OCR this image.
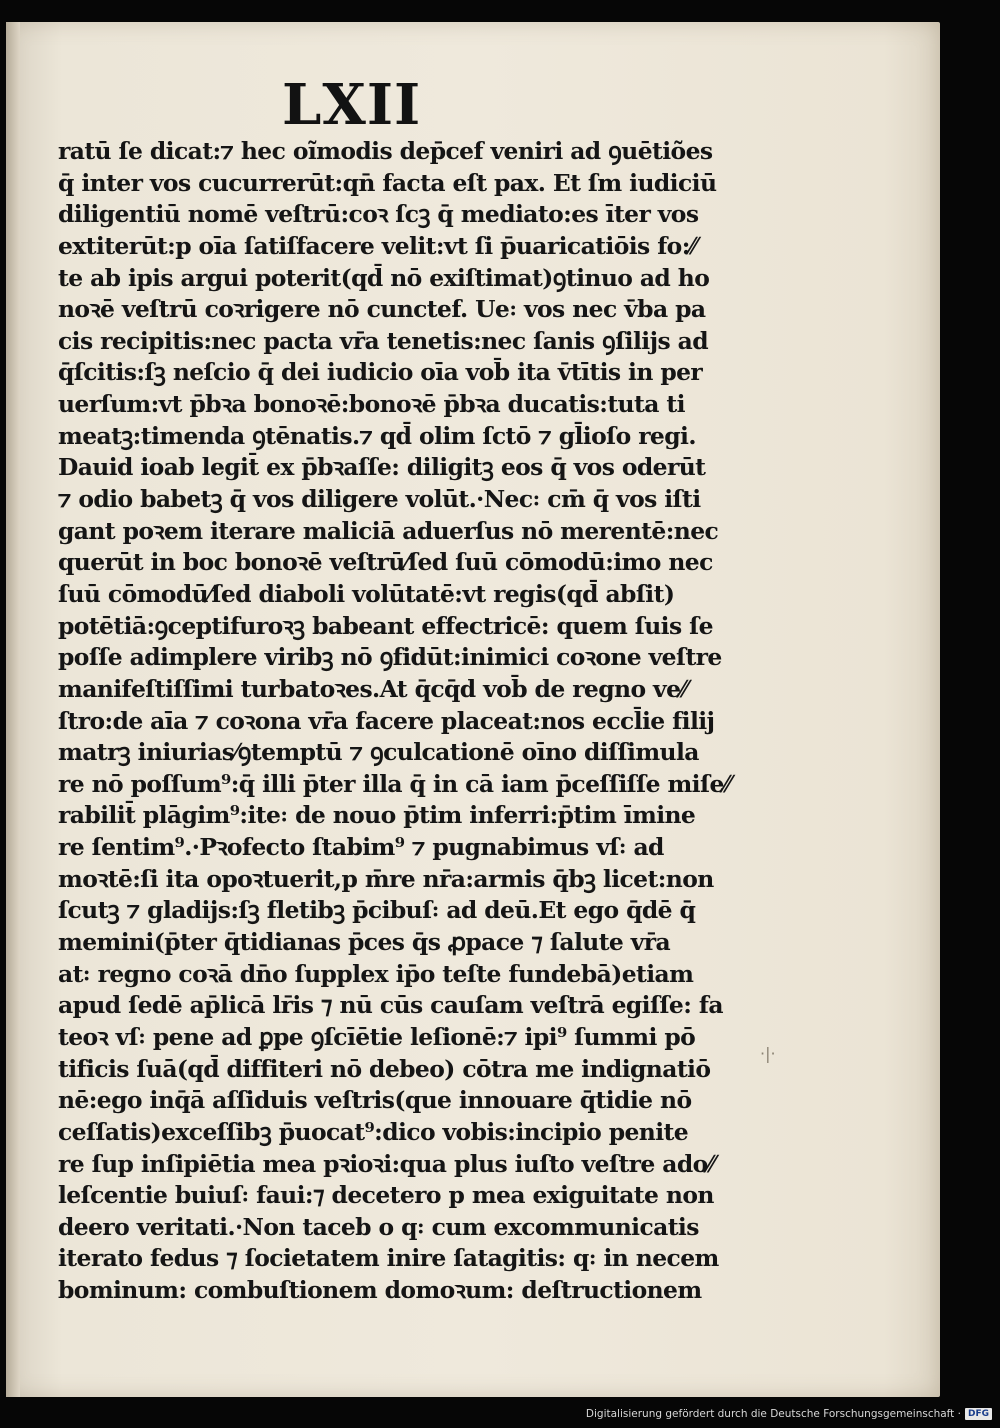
LXII
ratū ſe dicat:⁊ hec oĩmodis dep̄cef veniri ad ꝯuētiões
q̄ inter vos cucurrerūt:qn̄ facta eſt pax. Et ſm iudiciū
diligentiū nomē veſtrū:coꝛ ſcꝫ q̄ mediato:es īter vos
extiterūt:p oīa ſatiſfacere velit:vt ſi p̄uaricatiōis fo:⁄⁄
te ab ipis argui poterit(qd̄ nō exiſtimat)ꝯtinuo ad ho
noꝛē veſtrū coꝛrigere nō cunctef. Ue꞉ vos nec v̄ba pa
cis recipitis:nec pacta vr̄a tenetis:nec ſanis ꝯſilijs ad
q̄ſcitis:ſꝫ neſcio q̄ dei iudicio oīa vob̄ ita v̄tītis in per
uerſum:vt p̄bꝛa bonoꝛē:bonoꝛē p̄bꝛa ducatis:tuta ti
meatꝫ:timenda ꝯtēnatis.⁊ qd̄ olim ſctō ⁊ gl̄ioſo regi.
Dauid ioab legit̄ ex p̄bꝛaſſe: diligitꝫ eos q̄ vos oderūt
⁊ odio babetꝫ q̄ vos diligere volūt.·Nec꞉ cm̄ q̄ vos iſti
gant poꝛem iterare maliciā aduerſus nō merentē:nec
querūt in boc bonoꝛē veſtrū⁄ſed ſuū cōmodū:imo nec
ſuū cōmodū⁄ſed diaboli volūtatē:vt regis(qd̄ abſit)
potētiā:ꝯceptifuroꝛꝫ babeant effectricē: quem ſuis ſe
poſſe adimplere viribꝫ nō ꝯfidūt:inimici coꝛone veſtre
manifeſtiſſimi turbatoꝛes.At q̄cq̄d vob̄ de regno ve⁄⁄
ſtro:de aīa ⁊ coꝛona vr̄a facere placeat:nos eccl̄ie filij
matrꝫ iniurias⁄ꝯtemptū ⁊ ꝯculcationē oīno diſſimula
re nō poſſum⁹:q̄ illi p̄ter illa q̄ in cā iam p̄ceſſiſſe miſe⁄⁄
rabilit̄ plāgim⁹:ite꞉ de nouo p̄tim inferri:p̄tim īmine
re ſentim⁹.·Pꝛofecto ſtabim⁹ ⁊ pugnabimus vſ꞉ ad
moꝛtē:ſi ita opoꝛtuerit,p m̄re nr̄a:armis q̄bꝫ licet:non
ſcutꝫ ⁊ gladijs:ſꝫ fletibꝫ p̄cibuſ꞉ ad deū.Et ego q̄dē q̄
memini(p̄ter q̄tidianas p̄ces q̄s ꝓpace ⁊ ſalute vr̄a
at꞉ regno coꝛā dn̄o ſupplex ip̄o teſte fundebā)etiam
apud ſedē ap̄licā lr̄is ⁊ nū cūs cauſam veſtrā egiſſe: fa
teoꝛ vſ꞉ pene ad ꝑpe ꝯſcīētie leſionē:⁊ ipi⁹ ſummi pō
tificis ſuā(qd̄ diffiteri nō debeo) cōtra me indignatiō
nē:ego inq̄ā aſſiduis veſtris(que innouare q̄tidie nō
ceſſatis)exceſſibꝫ p̄uocat⁹:dico vobis:incipio penite
re ſup inſipiētia mea pꝛioꝛi:qua plus iuſto veſtre ado⁄⁄
leſcentie buiuſ꞉ faui:⁊ decetero p mea exiguitate non
deero veritati.·Non taceb o q꞉ cum excommunicatis
iterato fedus ⁊ ſocietatem inire ſatagitis: q꞉ in necem
bominum: combuſtionem domoꝛum: deſtructionem
·|·
Digitalisierung gefördert durch die Deutsche Forschungsgemeinschaft · DFG
